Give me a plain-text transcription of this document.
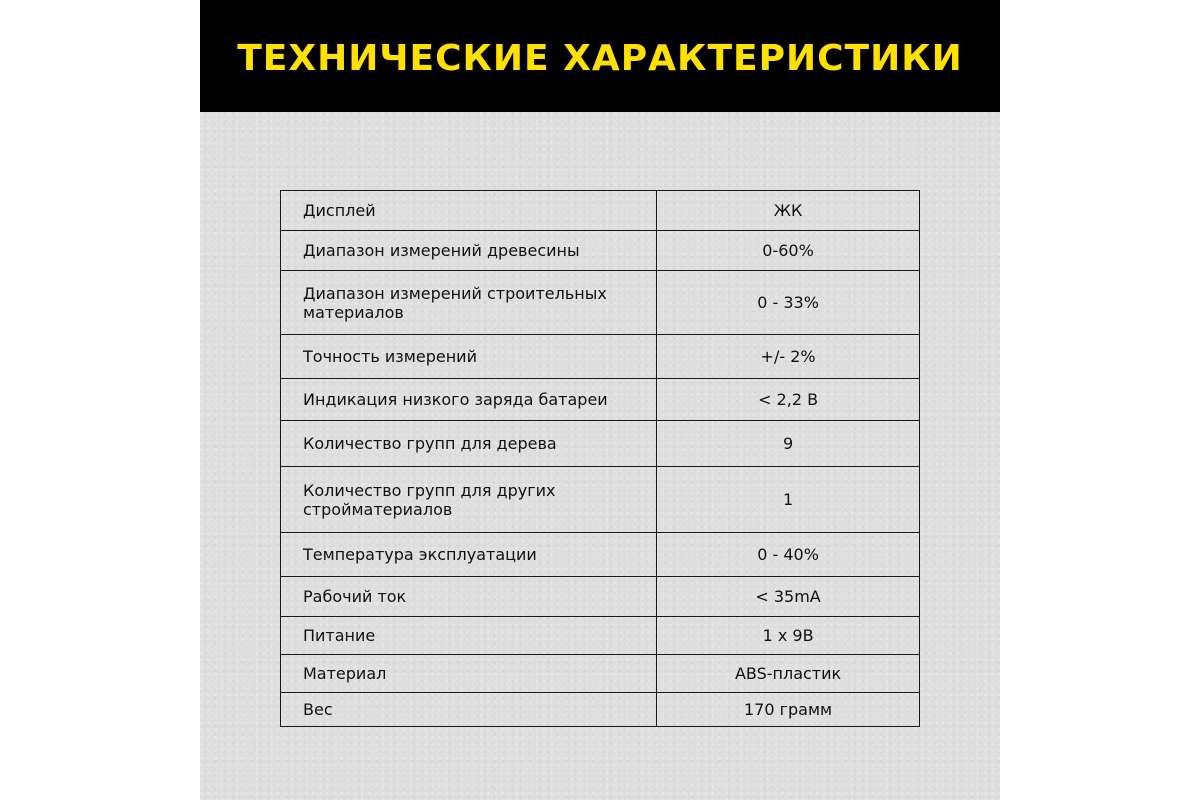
ТЕХНИЧЕСКИЕ ХАРАКТЕРИСТИКИ
Дисплей	ЖК
Диапазон измерений древесины	0-60%
Диапазон измерений строительных материалов	0 - 33%
Точность измерений	+/- 2%
Индикация низкого заряда батареи	< 2,2 В
Количество групп для дерева	9
Количество групп для других стройматериалов	1
Температура эксплуатации	0 - 40%
Рабочий ток	< 35mA
Питание	1 x 9B
Материал	ABS-пластик
Вес	170 грамм
